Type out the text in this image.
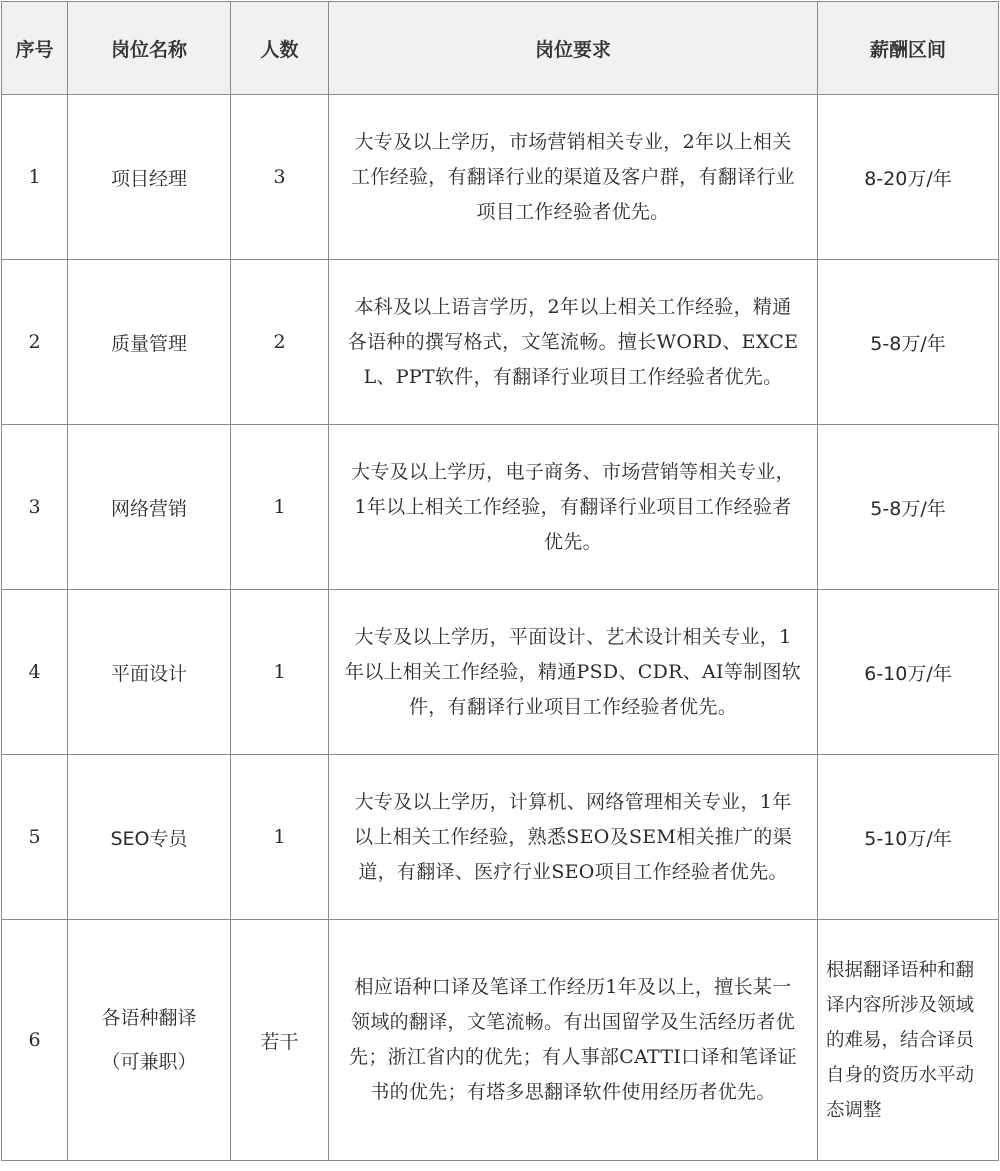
序号	岗位名称	人数	岗位要求	薪酬区间
1	项目经理	3	大专及以上学历，市场营销相关专业，2年以上相关
工作经验，有翻译行业的渠道及客户群，有翻译行业
项目工作经验者优先。	8-20万/年

2	质量管理	2	本科及以上语言学历，2年以上相关工作经验，精通
各语种的撰写格式，文笔流畅。擅长WORD、EXCE
L、PPT软件，有翻译行业项目工作经验者优先。	5-8万/年

3	网络营销	1	大专及以上学历，电子商务、市场营销等相关专业，
1年以上相关工作经验，有翻译行业项目工作经验者
优先。	5-8万/年

4	平面设计	1	大专及以上学历，平面设计、艺术设计相关专业，1
年以上相关工作经验，精通PSD、CDR、AI等制图软
件，有翻译行业项目工作经验者优先。	6-10万/年

5	SEO专员	1	大专及以上学历，计算机、网络管理相关专业，1年
以上相关工作经验，熟悉SEO及SEM相关推广的渠
道，有翻译、医疗行业SEO项目工作经验者优先。	5-10万/年

6	各语种翻译
（可兼职）	若干	相应语种口译及笔译工作经历1年及以上，擅长某一
领域的翻译，文笔流畅。有出国留学及生活经历者优
先；浙江省内的优先；有人事部CATTI口译和笔译证
书的优先；有塔多思翻译软件使用经历者优先。	根据翻译语种和翻
译内容所涉及领域
的难易，结合译员
自身的资历水平动
态调整
